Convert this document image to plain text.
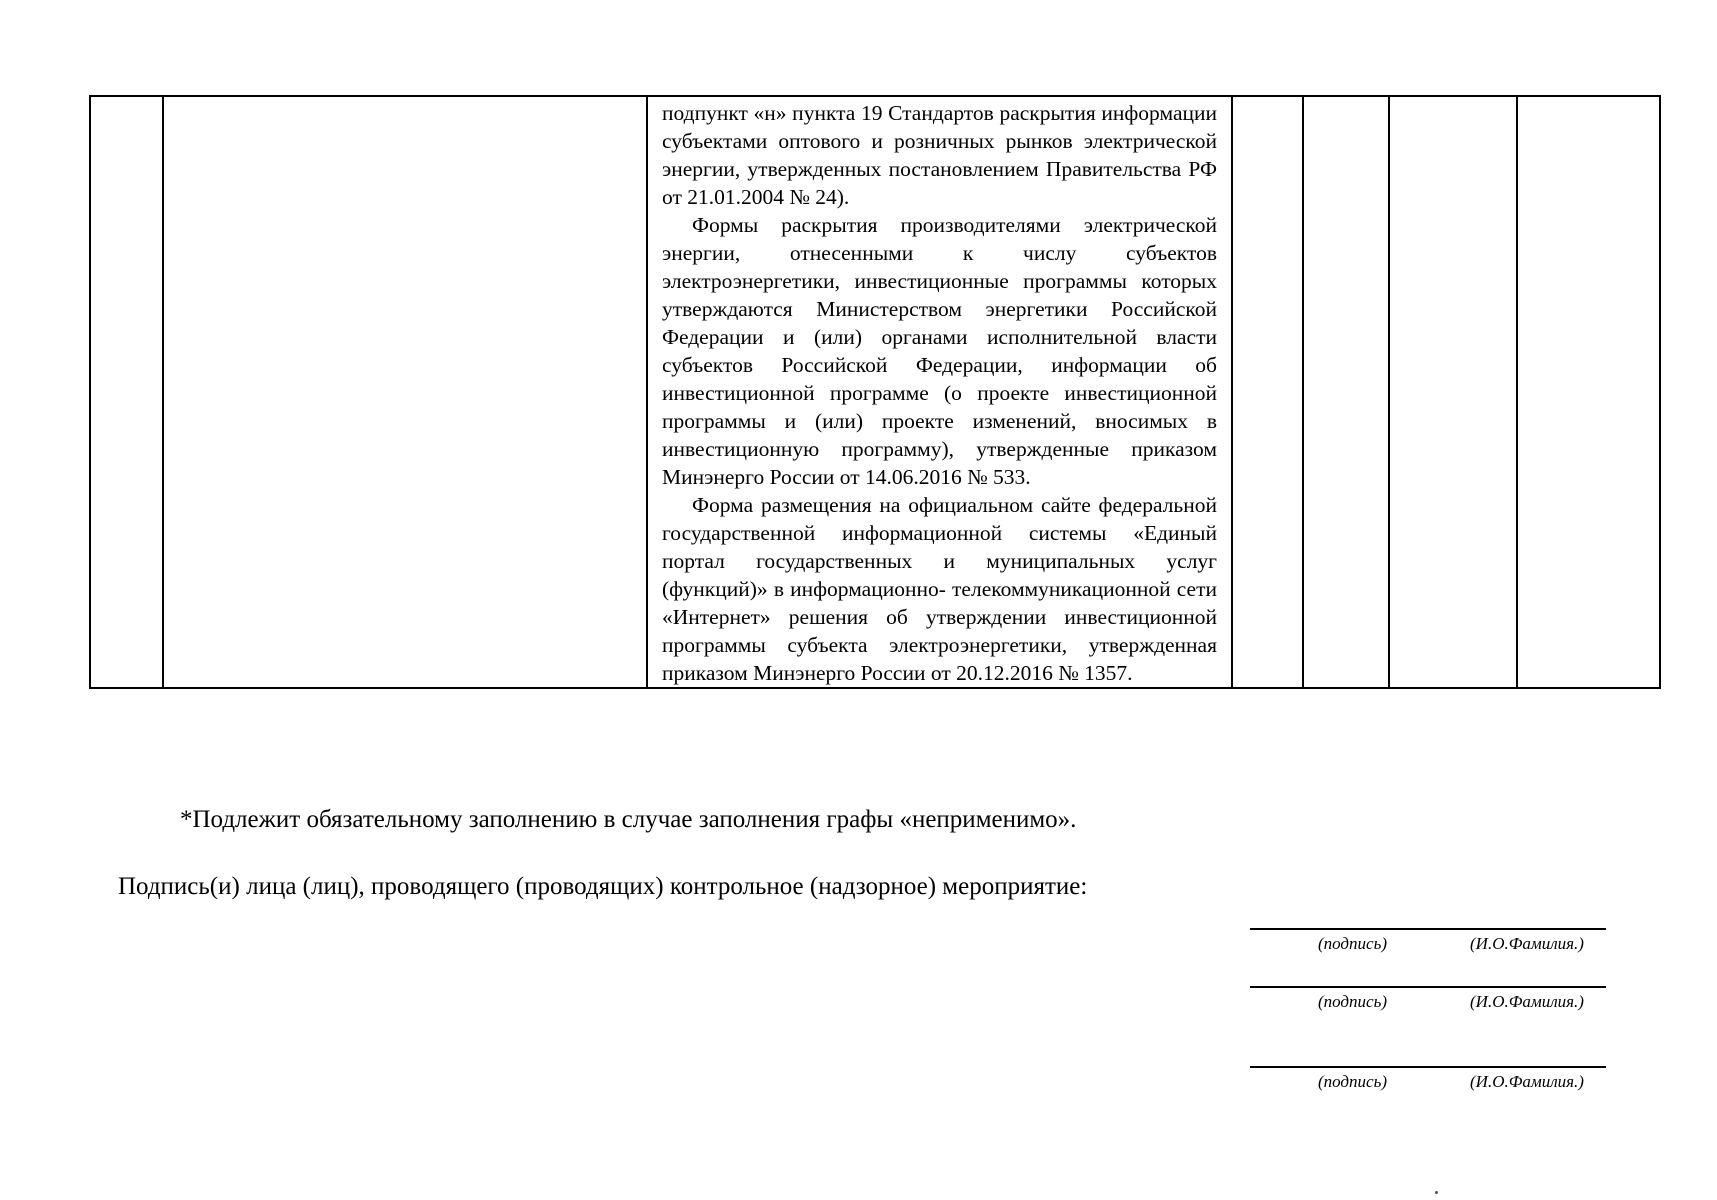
подпункт «н» пункта 19 Стандартов раскрытия информации субъектами оптового и розничных рынков электрической энергии, утвержденных постановлением Правительства РФ от 21.01.2004 № 24).

Формы раскрытия производителями электрической энергии, отнесенными к числу субъектов электроэнергетики, инвестиционные программы которых утверждаются Министерством энергетики Российской Федерации и (или) органами исполнительной власти субъектов Российской Федерации, информации об инвестиционной программе (о проекте инвестиционной программы и (или) проекте изменений, вносимых в инвестиционную программу), утвержденные приказом Минэнерго России от 14.06.2016 № 533.

Форма размещения на официальном сайте федеральной государственной информационной системы «Единый портал государственных и муниципальных услуг (функций)» в информационно- телекоммуникационной сети «Интернет» решения об утверждении инвестиционной программы субъекта электроэнергетики, утвержденная приказом Минэнерго России от 20.12.2016 № 1357.

*Подлежит обязательному заполнению в случае заполнения графы «неприменимо».
Подпись(и) лица (лиц), проводящего (проводящих) контрольное (надзорное) мероприятие:
(подпись)	(И.О.Фамилия.)
(подпись)	(И.О.Фамилия.)
(подпись)	(И.О.Фамилия.)
